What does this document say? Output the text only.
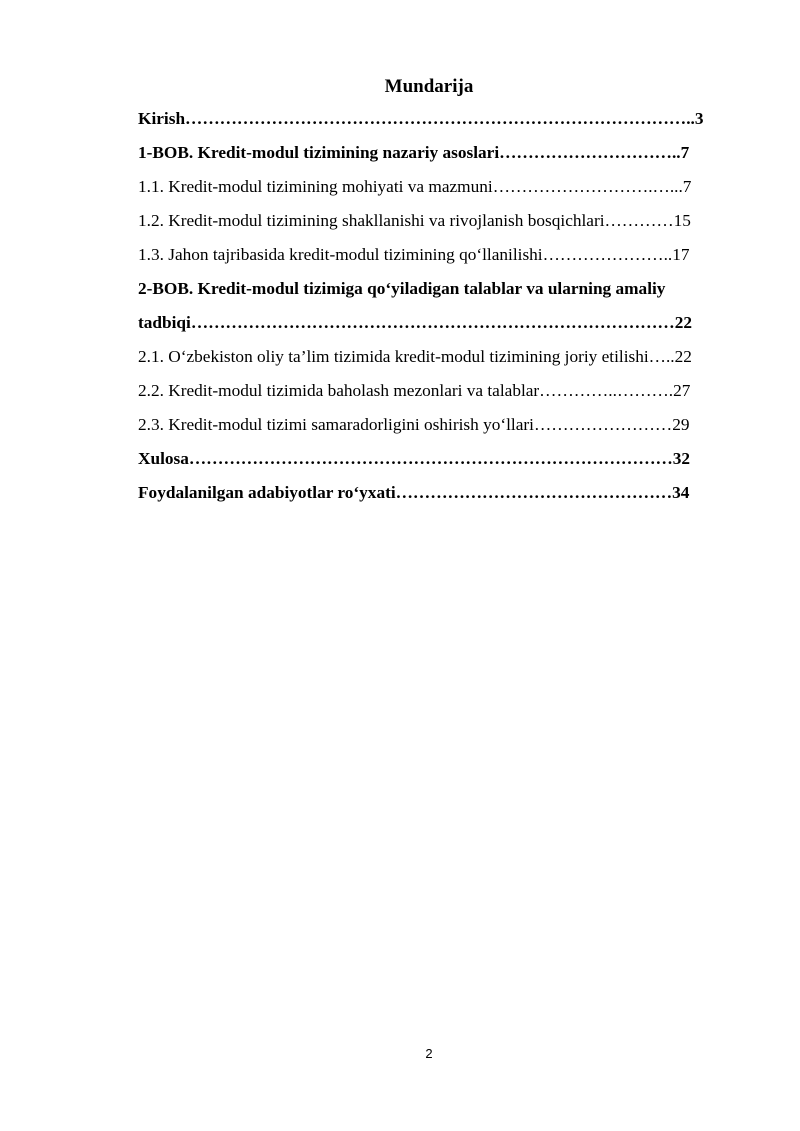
Mundarija
Kirish……………………………………………………………………………..3
1-BOB. Kredit-modul tizimining nazariy asoslari…………………………..7
1.1. Kredit-modul tizimining mohiyati va mazmuni……………………….…...7
1.2. Kredit-modul tizimining shakllanishi va rivojlanish bosqichlari…………15
1.3. Jahon tajribasida kredit-modul tizimining qo‘llanilishi…………………..17
2-BOB. Kredit-modul tizimiga qo‘yiladigan talablar va ularning amaliy
tadbiqi…………………………………………………………………………22
2.1. O‘zbekiston oliy ta’lim tizimida kredit-modul tizimining joriy etilishi…..22
2.2. Kredit-modul tizimida baholash mezonlari va talablar…………..……….27
2.3. Kredit-modul tizimi samaradorligini oshirish yo‘llari……………………29
Xulosa…………………………………………………………………………32
Foydalanilgan adabiyotlar ro‘yxati…………………………………………34
2
